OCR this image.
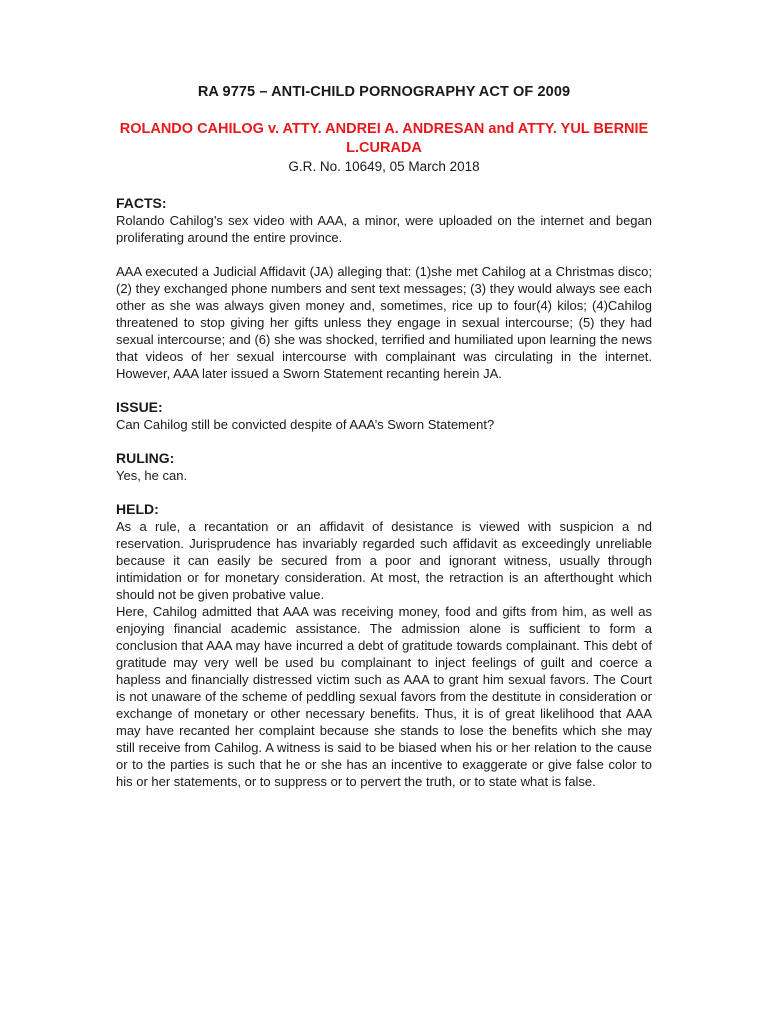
RA 9775 – ANTI-CHILD PORNOGRAPHY ACT OF 2009

ROLANDO CAHILOG v. ATTY. ANDREI A. ANDRESAN and ATTY. YUL BERNIE L.CURADA

G.R. No. 10649, 05 March 2018

FACTS:

Rolando Cahilog’s sex video with AAA, a minor, were uploaded on the internet and began proliferating around the entire province.

AAA executed a Judicial Affidavit (JA) alleging that: (1)she met Cahilog at a Christmas disco; (2) they exchanged phone numbers and sent text messages; (3) they would always see each other as she was always given money and, sometimes, rice up to four(4) kilos; (4)Cahilog threatened to stop giving her gifts unless they engage in sexual intercourse; (5) they had sexual intercourse; and (6) she was shocked, terrified and humiliated upon learning the news that videos of her sexual intercourse with complainant was circulating in the internet. However, AAA later issued a Sworn Statement recanting herein JA.

ISSUE:

Can Cahilog still be convicted despite of AAA’s Sworn Statement?

RULING:

Yes, he can.

HELD:

As a rule, a recantation or an affidavit of desistance is viewed with suspicion a nd reservation. Jurisprudence has invariably regarded such affidavit as exceedingly unreliable because it can easily be secured from a poor and ignorant witness, usually through intimidation or for monetary consideration. At most, the retraction is an afterthought which should not be given probative value.

Here, Cahilog admitted that AAA was receiving money, food and gifts from him, as well as enjoying financial academic assistance. The admission alone is sufficient to form a conclusion that AAA may have incurred a debt of gratitude towards complainant. This debt of gratitude may very well be used bu complainant to inject feelings of guilt and coerce a hapless and financially distressed victim such as AAA to grant him sexual favors. The Court is not unaware of the scheme of peddling sexual favors from the destitute in consideration or exchange of monetary or other necessary benefits. Thus, it is of great likelihood that AAA may have recanted her complaint because she stands to lose the benefits which she may still receive from Cahilog. A witness is said to be biased when his or her relation to the cause or to the parties is such that he or she has an incentive to exaggerate or give false color to his or her statements, or to suppress or to pervert the truth, or to state what is false.
